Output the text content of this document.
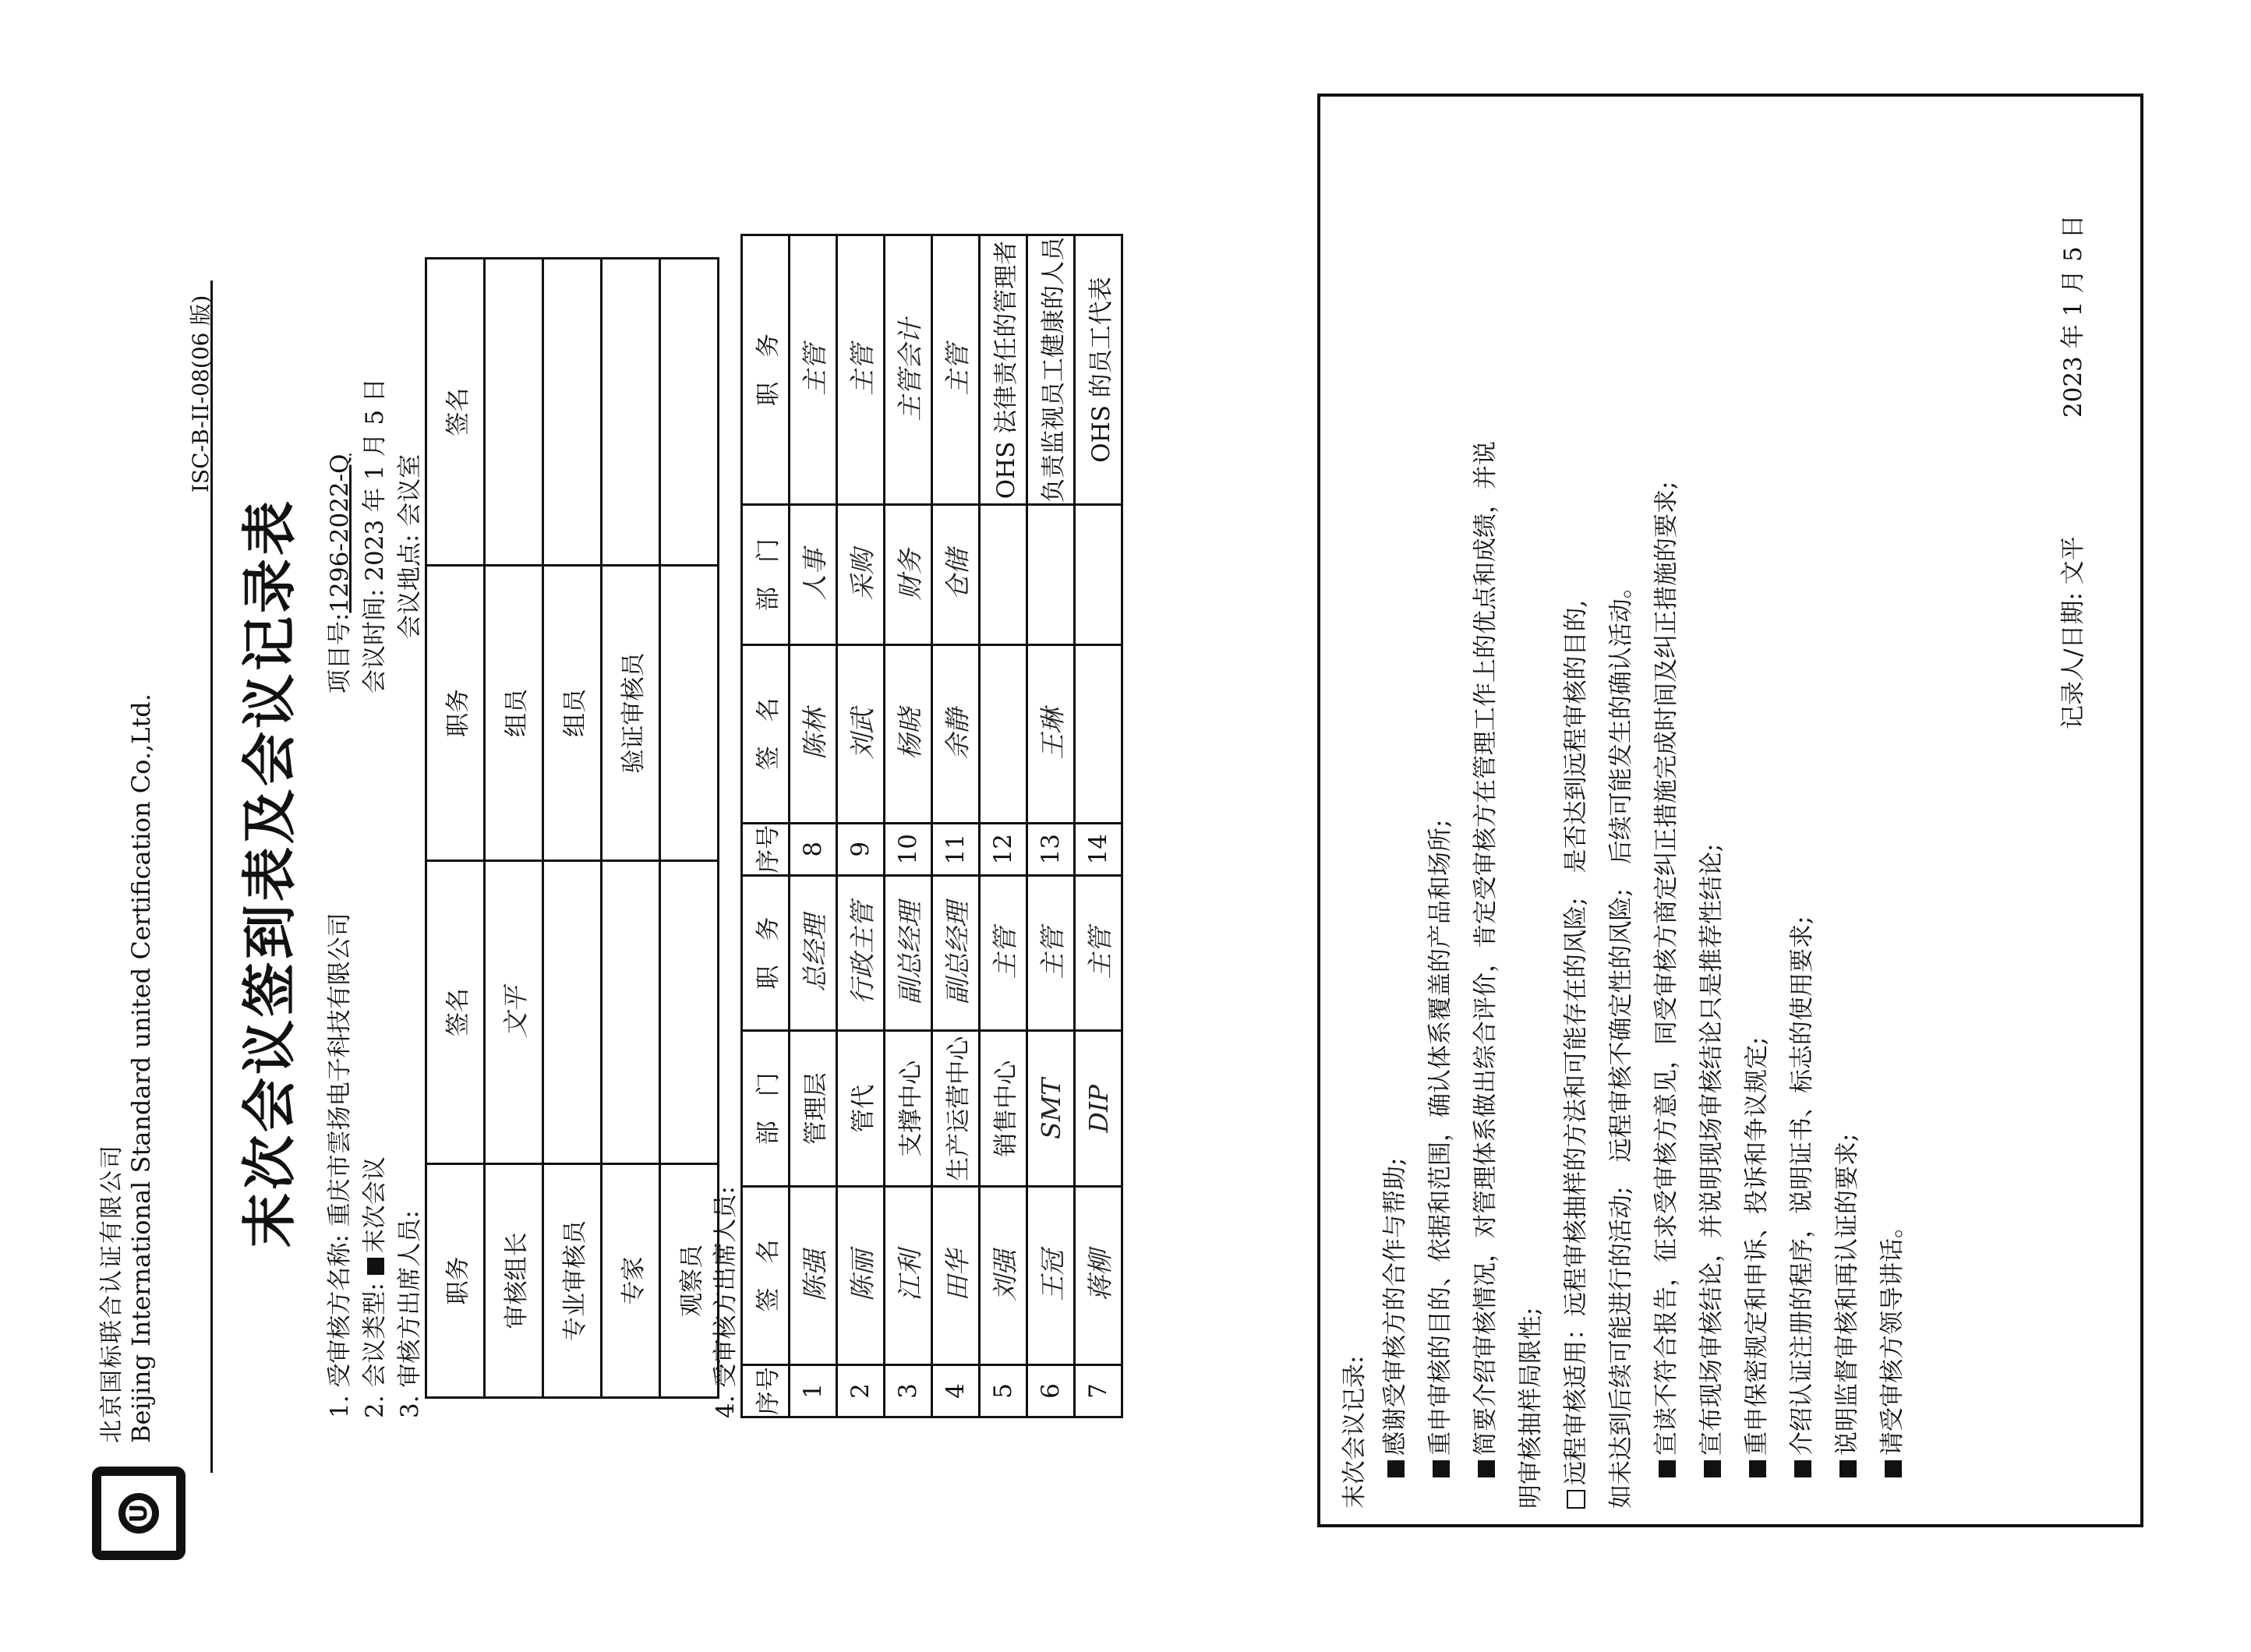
U
北京国标联合认证有限公司 Beijing International Standard united Certification Co.,Ltd.
ISC-B-II-08(06 版)
末次会议签到表及会议记录表
1. 受审核方名称: 重庆市雲扬电子科技有限公司
项目号:1296-2022-Q
2. 会议类型: 末次会议
会议时间: 2023 年 1 月 5 日
3. 审核方出席人员:
会议地点: 会议室
职务	签名	职务	签名
审核组长	文平	组员	
专业审核员		组员	
专家		验证审核员	
观察员			4. 受审核方出席人员: 序号	签　名	部　门	职　务	序号	签　名	部　门	职　务
1	陈强	管理层	总经理	8	陈林	人事	主管
2	陈丽	管代	行政主管	9	刘武	采购	主管
3	江利	支撑中心	副总经理	10	杨晓	财务	主管会计
4	田华	生产运营中心	副总经理	11	余静	仓储	主管
5	刘强	销售中心	主管	12			OHS 法律责任的管理者
6	王冠	SMT	主管	13	王琳		负责监视员工健康的人员
7	蒋柳	DIP	主管	14			OHS 的员工代表
末次会议记录: 感谢受审核方的合作与帮助; 重申审核的目的、依据和范围，确认体系覆盖的产品和场所; 简要介绍审核情况，对管理体系做出综合评价，肯定受审核方在管理工作上的优点和成绩，并说 明审核抽样局限性; 远程审核适用：远程审核抽样的方法和可能存在的风险;　是否达到远程审核的目的, 如未达到后续可能进行的活动;　远程审核不确定性的风险;　后续可能发生的确认活动。 宣读不符合报告，征求受审核方意见，同受审核方商定纠正措施完成时间及纠正措施的要求; 宣布现场审核结论，并说明现场审核结论只是推荐性结论; 重申保密规定和申诉、投诉和争议规定; 介绍认证注册的程序，说明证书、标志的使用要求; 说明监督审核和再认证的要求; 请受审核方领导讲话。
记录人/日期: 文平
2023 年 1 月 5 日
